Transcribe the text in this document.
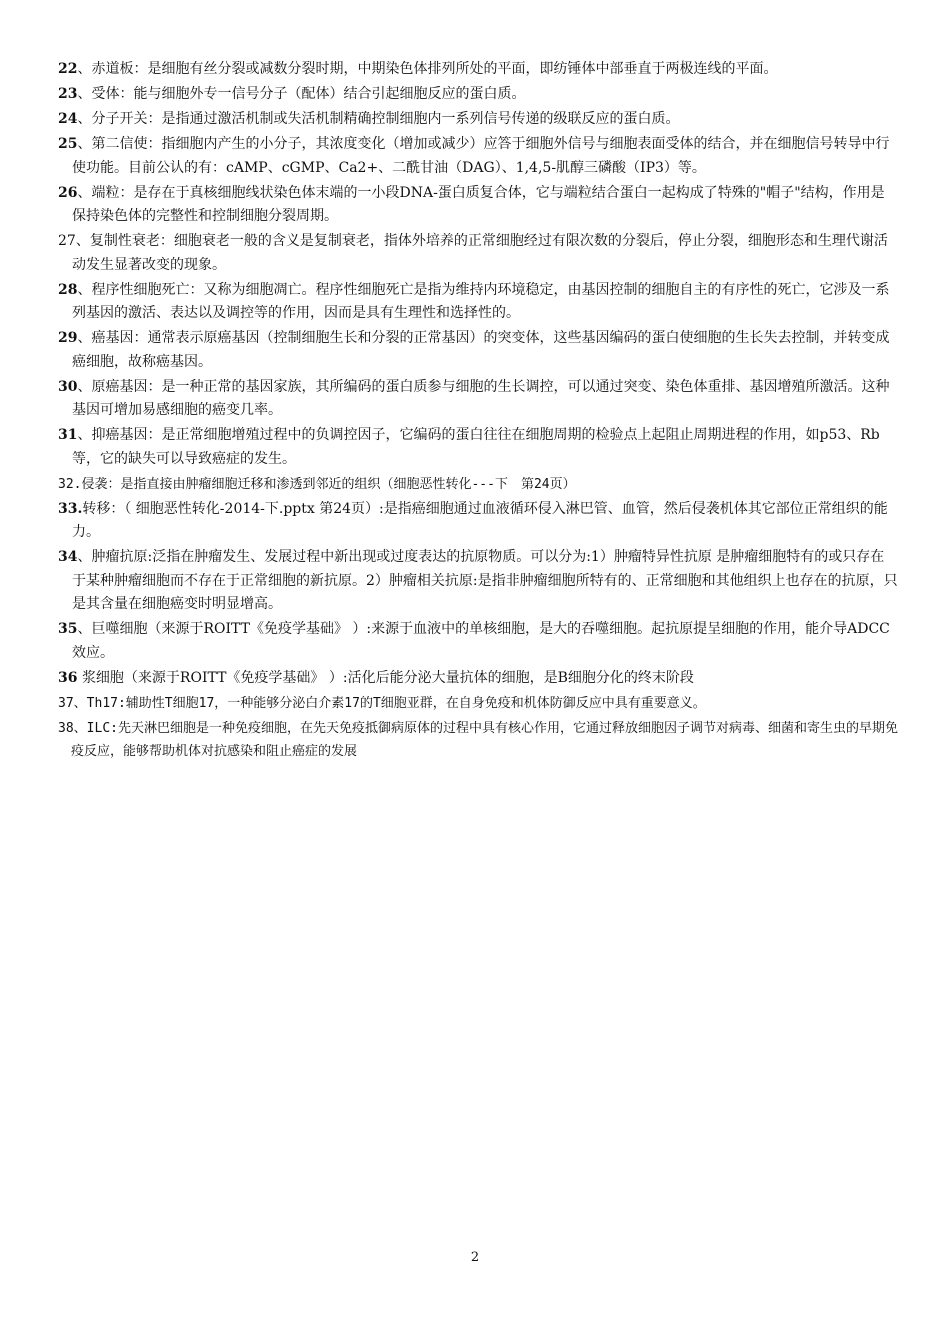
22、赤道板：是细胞有丝分裂或减数分裂时期，中期染色体排列所处的平面，即纺锤体中部垂直于两极连线的平面。

23、受体：能与细胞外专一信号分子（配体）结合引起细胞反应的蛋白质。

24、分子开关：是指通过激活机制或失活机制精确控制细胞内一系列信号传递的级联反应的蛋白质。

25、第二信使：指细胞内产生的小分子，其浓度变化（增加或减少）应答于细胞外信号与细胞表面受体的结合，并在细胞信号转导中行使功能。目前公认的有：cAMP、cGMP、Ca2+、二酰甘油（DAG）、1,4,5-肌醇三磷酸（IP3）等。

26、端粒：是存在于真核细胞线状染色体末端的一小段DNA-蛋白质复合体，它与端粒结合蛋白一起构成了特殊的"帽子"结构，作用是保持染色体的完整性和控制细胞分裂周期。

27、复制性衰老：细胞衰老一般的含义是复制衰老，指体外培养的正常细胞经过有限次数的分裂后，停止分裂，细胞形态和生理代谢活动发生显著改变的现象。

28、程序性细胞死亡：又称为细胞凋亡。程序性细胞死亡是指为维持内环境稳定，由基因控制的细胞自主的有序性的死亡，它涉及一系列基因的激活、表达以及调控等的作用，因而是具有生理性和选择性的。

29、癌基因：通常表示原癌基因（控制细胞生长和分裂的正常基因）的突变体，这些基因编码的蛋白使细胞的生长失去控制，并转变成癌细胞，故称癌基因。

30、原癌基因：是一种正常的基因家族，其所编码的蛋白质参与细胞的生长调控，可以通过突变、染色体重排、基因增殖所激活。这种基因可增加易感细胞的癌变几率。

31、抑癌基因：是正常细胞增殖过程中的负调控因子，它编码的蛋白往往在细胞周期的检验点上起阻止周期进程的作用，如p53、Rb等，它的缺失可以导致癌症的发生。

32.侵袭：是指直接由肿瘤细胞迁移和渗透到邻近的组织（细胞恶性转化---下　第24页）

33.转移：（ 细胞恶性转化-2014-下.pptx 第24页）:是指癌细胞通过血液循环侵入淋巴管、血管，然后侵袭机体其它部位正常组织的能力。

34、肿瘤抗原:泛指在肿瘤发生、发展过程中新出现或过度表达的抗原物质。可以分为:1）肿瘤特异性抗原 是肿瘤细胞特有的或只存在于某种肿瘤细胞而不存在于正常细胞的新抗原。2）肿瘤相关抗原:是指非肿瘤细胞所特有的、正常细胞和其他组织上也存在的抗原，只是其含量在细胞癌变时明显增高。

35、巨噬细胞（来源于ROITT《免疫学基础》 ）:来源于血液中的单核细胞，是大的吞噬细胞。起抗原提呈细胞的作用，能介导ADCC效应。

36 浆细胞（来源于ROITT《免疫学基础》 ）:活化后能分泌大量抗体的细胞，是B细胞分化的终末阶段

37、Th17:辅助性T细胞17，一种能够分泌白介素17的T细胞亚群，在自身免疫和机体防御反应中具有重要意义。

38、ILC:先天淋巴细胞是一种免疫细胞，在先天免疫抵御病原体的过程中具有核心作用，它通过释放细胞因子调节对病毒、细菌和寄生虫的早期免疫反应，能够帮助机体对抗感染和阻止癌症的发展

2
